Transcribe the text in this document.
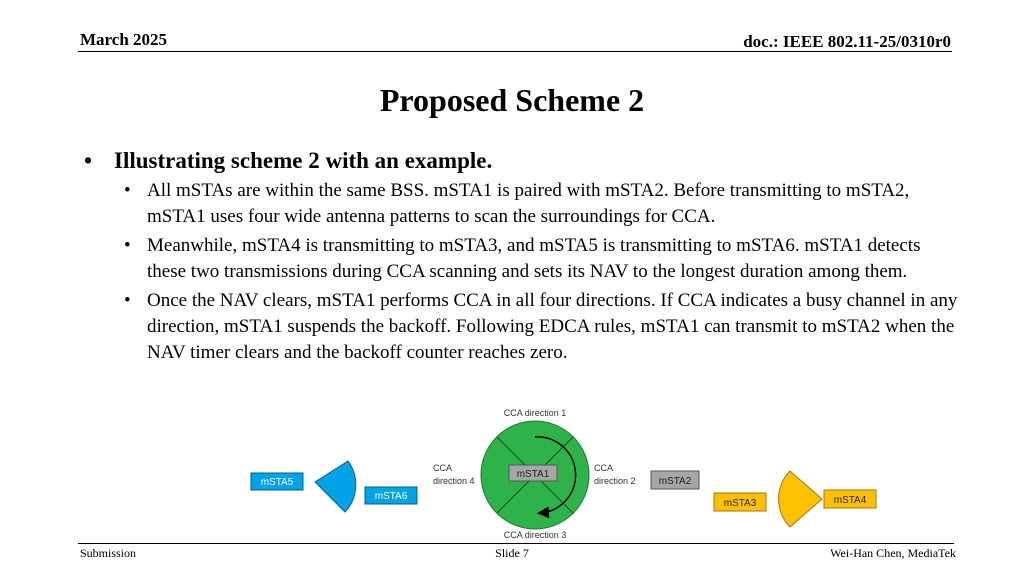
March 2025	doc.: IEEE 802.11-25/0310r0
Proposed Scheme 2
• Illustrating scheme 2 with an example.
• All mSTAs are within the same BSS. mSTA1 is paired with mSTA2. Before transmitting to mSTA2, mSTA1 uses four wide antenna patterns to scan the surroundings for CCA.
• Meanwhile, mSTA4 is transmitting to mSTA3, and mSTA5 is transmitting to mSTA6. mSTA1 detects these two transmissions during CCA scanning and sets its NAV to the longest duration among them.
• Once the NAV clears, mSTA1 performs CCA in all four directions. If CCA indicates a busy channel in any direction, mSTA1 suspends the backoff. Following EDCA rules, mSTA1 can transmit to mSTA2 when the NAV timer clears and the backoff counter reaches zero.
mSTA1
CCA direction 1
CCA direction 3
CCA
direction 4
CCA
direction 2 mSTA2
mSTA5
mSTA6
mSTA3	mSTA4
Submission	Slide 7	Wei-Han Chen, MediaTek
